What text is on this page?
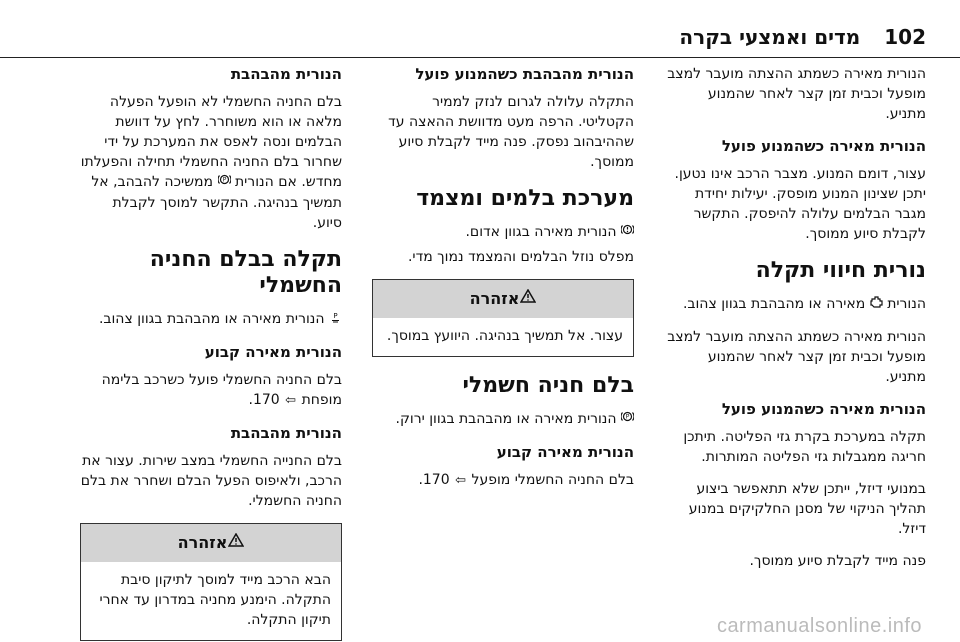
102
מדים ואמצעי בקרה

הנורית מאירה כשמתג ההצתה מועבר למצב מופעל וכבית זמן קצר לאחר שהמנוע מתניע.

הנורית מאירה כשהמנוע פועל

עצור, דומם המנוע. מצבר הרכב אינו נטען. יתכן שצינון המנוע מופסק. יעילות יחידת מגבר הבלמים עלולה להיפסק. התקשר לקבלת סיוע ממוסך.

נורית חיווי תקלה

הנורית  מאירה או מהבהבת בגוון צהוב.

הנורית מאירה כשמתג ההצתה מועבר למצב מופעל וכבית זמן קצר לאחר שהמנוע מתניע.

הנורית מאירה כשהמנוע פועל

תקלה במערכת בקרת גזי הפליטה. תיתכן חריגה ממגבלות גזי הפליטה המותרות.

במנועי דיזל, ייתכן שלא תתאפשר ביצוע תהליך הניקוי של מסנן החלקיקים במנוע דיזל.

פנה מייד לקבלת סיוע ממוסך.

הנורית מהבהבת כשהמנוע פועל

התקלה עלולה לגרום לנזק לממיר הקטליטי. הרפה מעט מדוושת ההאצה עד שההיבהוב נפסק. פנה מייד לקבלת סיוע ממוסך.

מערכת בלמים ומצמד

הנורית מאירה בגוון אדום.

מפלס נוזל הבלמים והמצמד נמוך מדי.

אזהרה
עצור. אל תמשיך בנהיגה. היוועץ במוסך.
בלם חניה חשמלי

P
הנורית מאירה או מהבהבת בגוון ירוק.

הנורית מאירה קבוע

בלם החניה החשמלי מופעל ⇦ 170.

הנורית מהבהבת

בלם החניה החשמלי לא הופעל הפעלה מלאה או הוא משוחרר. לחץ על דוושת הבלמים ונסה לאפס את המערכת על ידי שחרור בלם החניה החשמלי תחילה והפעלתו מחדש. אם הנורית
P
ממשיכה להבהב, אל תמשיך בנהיגה. התקשר למוסך לקבלת סיוע.

תקלה בבלם החניה החשמלי

P
הנורית מאירה או מהבהבת בגוון צהוב.

הנורית מאירה קבוע

בלם החניה החשמלי פועל כשרכב בלימה מופחת ⇦ 170.

הנורית מהבהבת

בלם החנייה החשמלי במצב שירות. עצור את הרכב, ולאיפוס הפעל הבלם ושחרר את בלם החניה החשמלי.

אזהרה
הבא הרכב מייד למוסך לתיקון סיבת התקלה. הימנע מחניה במדרון עד אחרי תיקון התקלה.	carmanualsonline.info
